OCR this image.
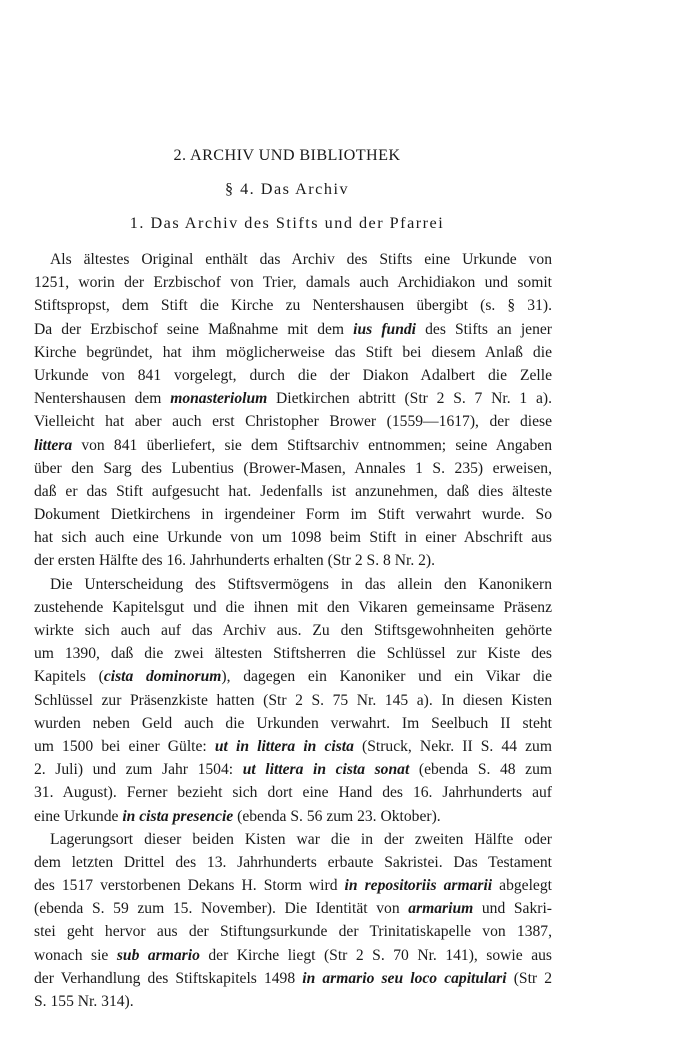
2. ARCHIV UND BIBLIOTHEK
§ 4. Das Archiv
1. Das Archiv des Stifts und der Pfarrei
Als ältestes Original enthält das Archiv des Stifts eine Urkunde von
1251, worin der Erzbischof von Trier, damals auch Archidiakon und somit
Stiftspropst, dem Stift die Kirche zu Nentershausen übergibt (s. § 31).
Da der Erzbischof seine Maßnahme mit dem ius fundi des Stifts an jener
Kirche begründet, hat ihm möglicherweise das Stift bei diesem Anlaß die
Urkunde von 841 vorgelegt, durch die der Diakon Adalbert die Zelle
Nentershausen dem monasteriolum Dietkirchen abtritt (Str 2 S. 7 Nr. 1 a).
Vielleicht hat aber auch erst Christopher Brower (1559—1617), der diese
littera von 841 überliefert, sie dem Stiftsarchiv entnommen; seine Angaben
über den Sarg des Lubentius (Brower-Masen, Annales 1 S. 235) erweisen,
daß er das Stift aufgesucht hat. Jedenfalls ist anzunehmen, daß dies älteste
Dokument Dietkirchens in irgendeiner Form im Stift verwahrt wurde. So
hat sich auch eine Urkunde von um 1098 beim Stift in einer Abschrift aus
der ersten Hälfte des 16. Jahrhunderts erhalten (Str 2 S. 8 Nr. 2).
Die Unterscheidung des Stiftsvermögens in das allein den Kanonikern
zustehende Kapitelsgut und die ihnen mit den Vikaren gemeinsame Präsenz
wirkte sich auch auf das Archiv aus. Zu den Stiftsgewohnheiten gehörte
um 1390, daß die zwei ältesten Stiftsherren die Schlüssel zur Kiste des
Kapitels (cista dominorum), dagegen ein Kanoniker und ein Vikar die
Schlüssel zur Präsenzkiste hatten (Str 2 S. 75 Nr. 145 a). In diesen Kisten
wurden neben Geld auch die Urkunden verwahrt. Im Seelbuch II steht
um 1500 bei einer Gülte: ut in littera in cista (Struck, Nekr. II S. 44 zum
2. Juli) und zum Jahr 1504: ut littera in cista sonat (ebenda S. 48 zum
31. August). Ferner bezieht sich dort eine Hand des 16. Jahrhunderts auf
eine Urkunde in cista presencie (ebenda S. 56 zum 23. Oktober).
Lagerungsort dieser beiden Kisten war die in der zweiten Hälfte oder
dem letzten Drittel des 13. Jahrhunderts erbaute Sakristei. Das Testament
des 1517 verstorbenen Dekans H. Storm wird in repositoriis armarii abgelegt
(ebenda S. 59 zum 15. November). Die Identität von armarium und Sakri-
stei geht hervor aus der Stiftungsurkunde der Trinitatiskapelle von 1387,
wonach sie sub armario der Kirche liegt (Str 2 S. 70 Nr. 141), sowie aus
der Verhandlung des Stiftskapitels 1498 in armario seu loco capitulari (Str 2
S. 155 Nr. 314).
